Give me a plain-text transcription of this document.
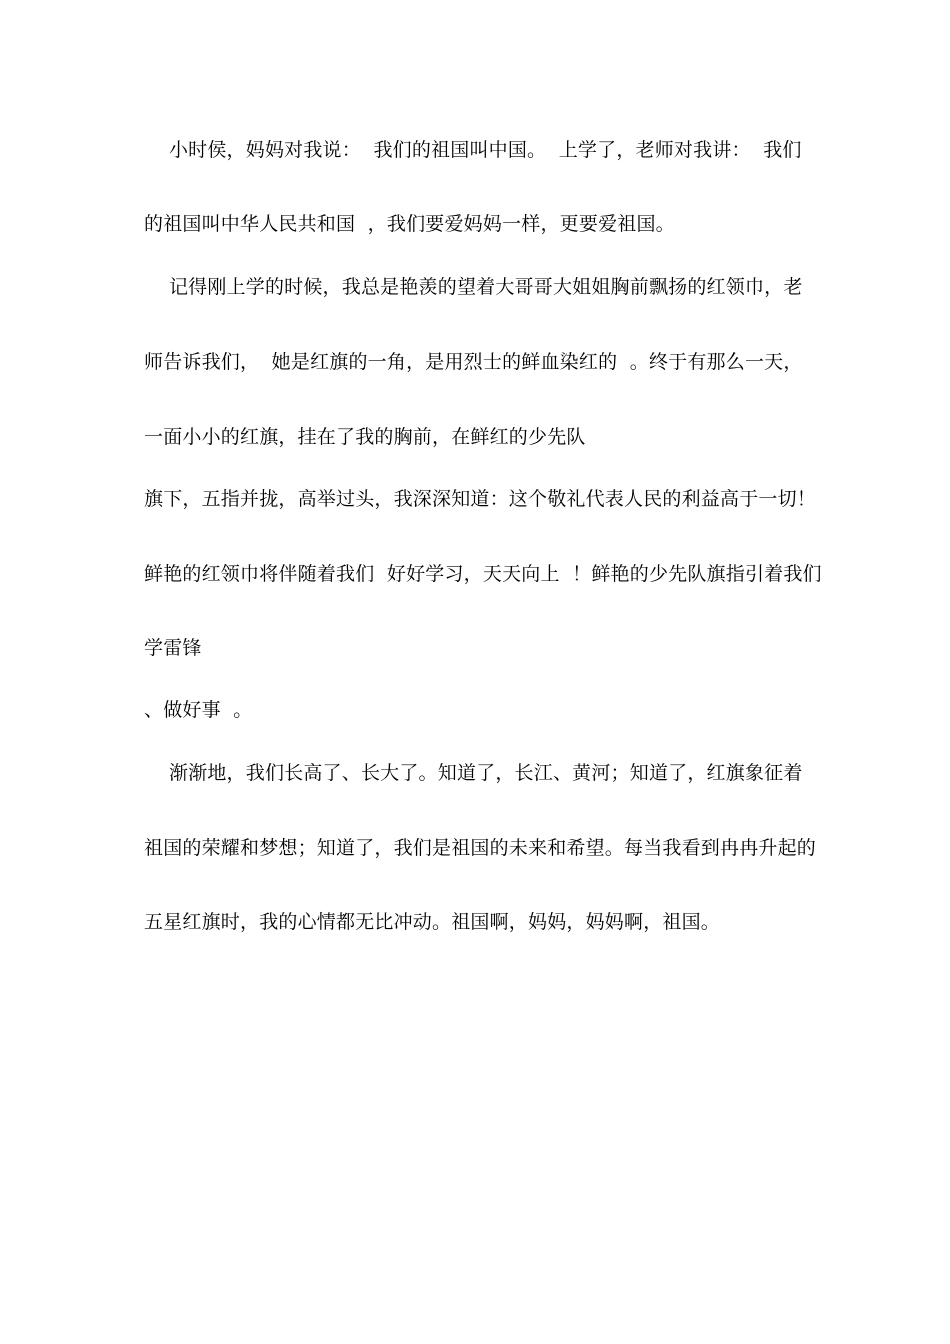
小时侯，妈妈对我说：  我们的祖国叫中国。  上学了，老师对我讲：  我们
的祖国叫中华人民共和国  ，我们要爱妈妈一样，更要爱祖国。
记得刚上学的时候，我总是艳羡的望着大哥哥大姐姐胸前飘扬的红领巾，老
师告诉我们，  她是红旗的一角，是用烈士的鲜血染红的  。终于有那么一天，
一面小小的红旗，挂在了我的胸前，在鲜红的少先队
旗下，五指并拢，高举过头，我深深知道：这个敬礼代表人民的利益高于一切！
鲜艳的红领巾将伴随着我们  好好学习，天天向上  ！鲜艳的少先队旗指引着我们
学雷锋
、做好事  。
渐渐地，我们长高了、长大了。知道了，长江、黄河；知道了，红旗象征着
祖国的荣耀和梦想；知道了，我们是祖国的未来和希望。每当我看到冉冉升起的
五星红旗时，我的心情都无比冲动。祖国啊，妈妈，妈妈啊，祖国。
